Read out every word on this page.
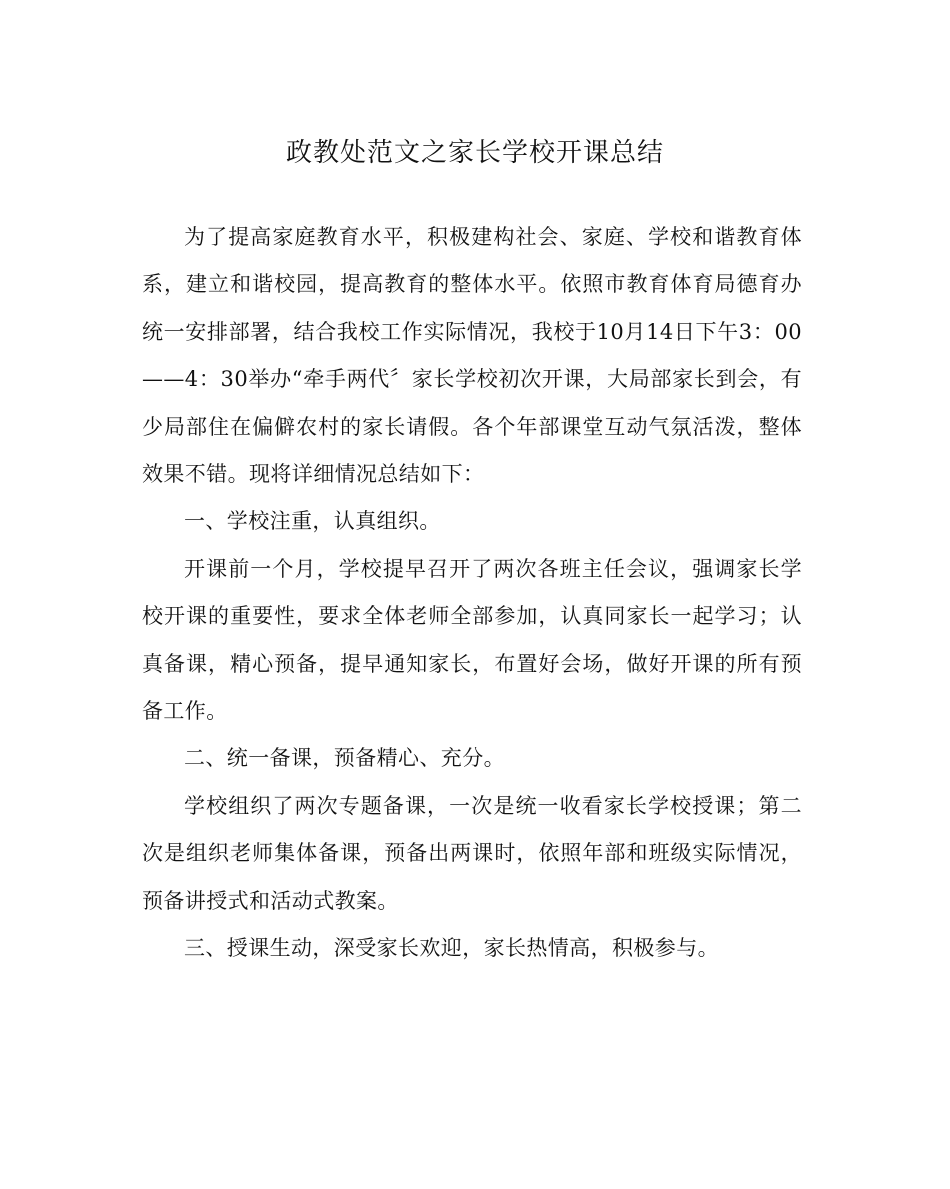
政教处范文之家长学校开课总结

为了提高家庭教育水平，积极建构社会、家庭、学校和谐教育体系，建立和谐校园，提高教育的整体水平。依照市教育体育局德育办统一安排部署，结合我校工作实际情况，我校于10月14日下午3：00——4：30举办“牵手两代〞家长学校初次开课，大局部家长到会，有少局部住在偏僻农村的家长请假。各个年部课堂互动气氛活泼，整体效果不错。现将详细情况总结如下：

一、学校注重，认真组织。

开课前一个月，学校提早召开了两次各班主任会议，强调家长学校开课的重要性，要求全体老师全部参加，认真同家长一起学习；认真备课，精心预备，提早通知家长，布置好会场，做好开课的所有预备工作。

二、统一备课，预备精心、充分。

学校组织了两次专题备课，一次是统一收看家长学校授课；第二次是组织老师集体备课，预备出两课时，依照年部和班级实际情况，预备讲授式和活动式教案。

三、授课生动，深受家长欢迎，家长热情高，积极参与。
